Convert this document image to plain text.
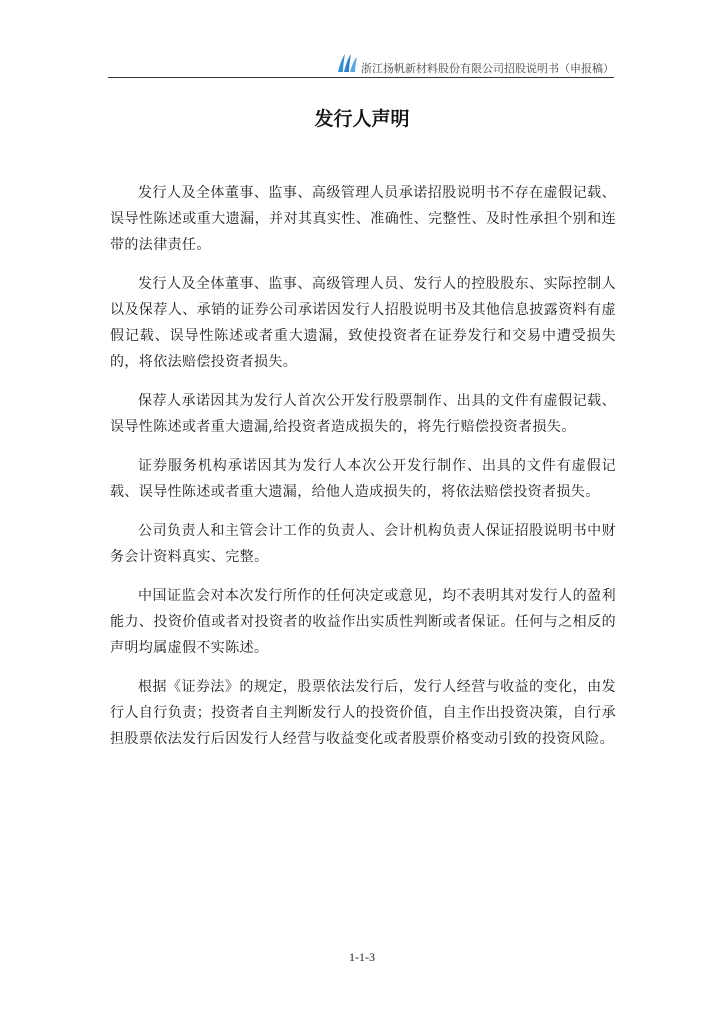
浙江扬帆新材料股份有限公司招股说明书（申报稿）
发行人声明

发行人及全体董事、监事、高级管理人员承诺招股说明书不存在虚假记载、误导性陈述或重大遗漏，并对其真实性、准确性、完整性、及时性承担个别和连带的法律责任。

发行人及全体董事、监事、高级管理人员、发行人的控股股东、实际控制人以及保荐人、承销的证券公司承诺因发行人招股说明书及其他信息披露资料有虚假记载、误导性陈述或者重大遗漏，致使投资者在证券发行和交易中遭受损失的，将依法赔偿投资者损失。

保荐人承诺因其为发行人首次公开发行股票制作、出具的文件有虚假记载、误导性陈述或者重大遗漏,给投资者造成损失的，将先行赔偿投资者损失。

证券服务机构承诺因其为发行人本次公开发行制作、出具的文件有虚假记载、误导性陈述或者重大遗漏，给他人造成损失的，将依法赔偿投资者损失。

公司负责人和主管会计工作的负责人、会计机构负责人保证招股说明书中财务会计资料真实、完整。

中国证监会对本次发行所作的任何决定或意见，均不表明其对发行人的盈利能力、投资价值或者对投资者的收益作出实质性判断或者保证。任何与之相反的声明均属虚假不实陈述。

根据《证券法》的规定，股票依法发行后，发行人经营与收益的变化，由发行人自行负责；投资者自主判断发行人的投资价值，自主作出投资决策，自行承担股票依法发行后因发行人经营与收益变化或者股票价格变动引致的投资风险。

1-1-3
